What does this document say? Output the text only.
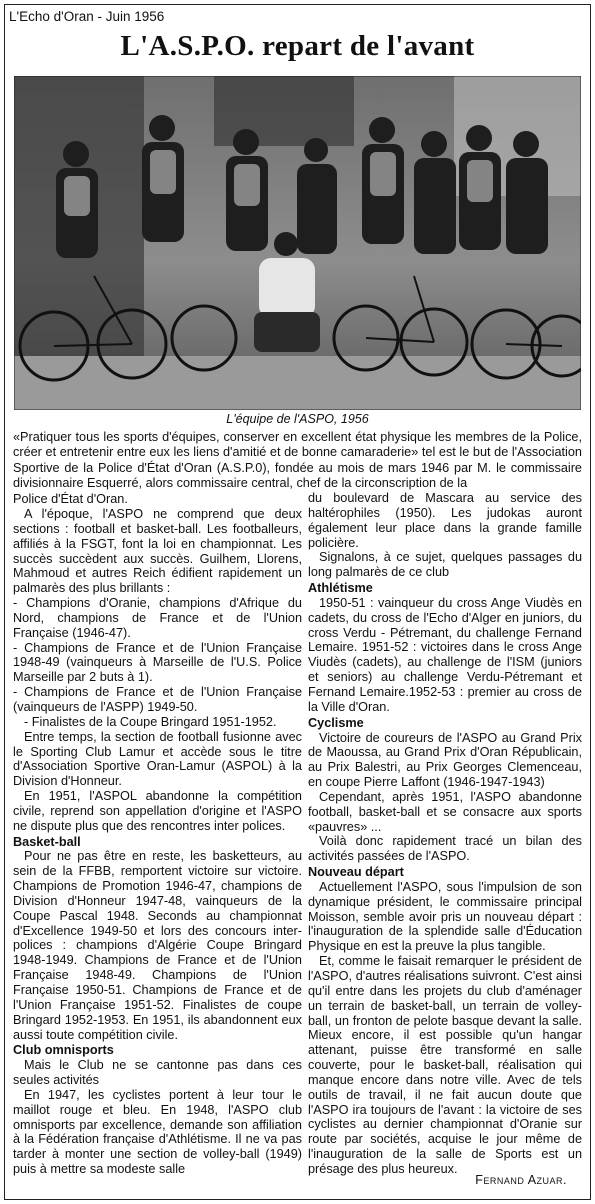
L'Echo d'Oran - Juin 1956
L'A.S.P.O. repart de l'avant
L'équipe de l'ASPO, 1956

«Pratiquer tous les sports d'équipes, conserver en excellent état physique les membres de la Police, créer et entretenir entre eux les liens d'amitié et de bonne camaraderie» tel est le but de l'Association Sportive de la Police d'État d'Oran (A.S.P.0), fondée au mois de mars 1946 par M. le commissaire divisionnaire Esquerré, alors commissaire central, chef de la circonscription de la

Police d'État d'Oran.

A l'époque, l'ASPO ne comprend que deux sections : football et basket-ball. Les footballeurs, affiliés à la FSGT, font la loi en championnat. Les succès succèdent aux succès. Guilhem, Llorens, Mahmoud et autres Reich édifient rapidement un palmarès des plus brillants :

- Champions d'Oranie, champions d'Afrique du Nord, champions de France et de l'Union Française (1946-47).

- Champions de France et de l'Union Française 1948-49 (vainqueurs à Marseille de l'U.S. Police Marseille par 2 buts à 1).

- Champions de France et de l'Union Française (vainqueurs de l'ASPP) 1949-50.

- Finalistes de la Coupe Bringard 1951-1952.

Entre temps, la section de football fusionne avec le Sporting Club Lamur et accède sous le titre d'Association Sportive Oran-Lamur (ASPOL) à la Division d'Honneur.

En 1951, l'ASPOL abandonne la compétition civile, reprend son appellation d'origine et l'ASPO ne dispute plus que des rencontres inter polices.

Basket-ball

Pour ne pas être en reste, les basketteurs, au sein de la FFBB, remportent victoire sur victoire. Champions de Promotion 1946-47, champions de Division d'Honneur 1947-48, vainqueurs de la Coupe Pascal 1948. Seconds au championnat d'Excellence 1949-50 et lors des concours inter-polices : champions d'Algérie Coupe Bringard 1948-1949. Champions de France et de l'Union Française 1948-49. Champions de l'Union Française 1950-51. Champions de France et de l'Union Française 1951-52. Finalistes de coupe Bringard 1952-1953. En 1951, ils abandonnent eux aussi toute compétition civile.

Club omnisports

Mais le Club ne se cantonne pas dans ces seules activités

En 1947, les cyclistes portent à leur tour le maillot rouge et bleu. En 1948, l'ASPO club omnisports par excellence, demande son affiliation à la Fédération française d'Athlétisme. Il ne va pas tarder à monter une section de volley-ball (1949) puis à mettre sa modeste salle

du boulevard de Mascara au service des haltérophiles (1950). Les judokas auront également leur place dans la grande famille policière.

Signalons, à ce sujet, quelques passages du long palmarès de ce club

Athlétisme

1950-51 : vainqueur du cross Ange Viudès en cadets, du cross de l'Echo d'Alger en juniors, du cross Verdu - Pétremant, du challenge Fernand Lemaire. 1951-52 : victoires dans le cross Ange Viudès (cadets), au challenge de l'ISM (juniors et seniors) au challenge Verdu-Pétremant et Fernand Lemaire.1952-53 : premier au cross de la Ville d'Oran.

Cyclisme

Victoire de coureurs de l'ASPO au Grand Prix de Maoussa, au Grand Prix d'Oran Républicain, au Prix Balestri, au Prix Georges Clemenceau, en coupe Pierre Laffont (1946-1947-1943)

Cependant, après 1951, l'ASPO abandonne football, basket-ball et se consacre aux sports «pauvres» ...

Voilà donc rapidement tracé un bilan des activités passées de l'ASPO.

Nouveau départ

Actuellement l'ASPO, sous l'impulsion de son dynamique président, le commissaire principal Moisson, semble avoir pris un nouveau départ : l'inauguration de la splendide salle d'Éducation Physique en est la preuve la plus tangible.

Et, comme le faisait remarquer le président de l'ASPO, d'autres réalisations suivront. C'est ainsi qu'il entre dans les projets du club d'aménager un terrain de basket-ball, un terrain de volley-ball, un fronton de pelote basque devant la salle. Mieux encore, il est possible qu'un hangar attenant, puisse être transformé en salle couverte, pour le basket-ball, réalisation qui manque encore dans notre ville. Avec de tels outils de travail, il ne fait aucun doute que l'ASPO ira toujours de l'avant : la victoire de ses cyclistes au dernier championnat d'Oranie sur route par sociétés, acquise le jour même de l'inauguration de la salle de Sports est un présage des plus heureux.

Fernand Azuar.
